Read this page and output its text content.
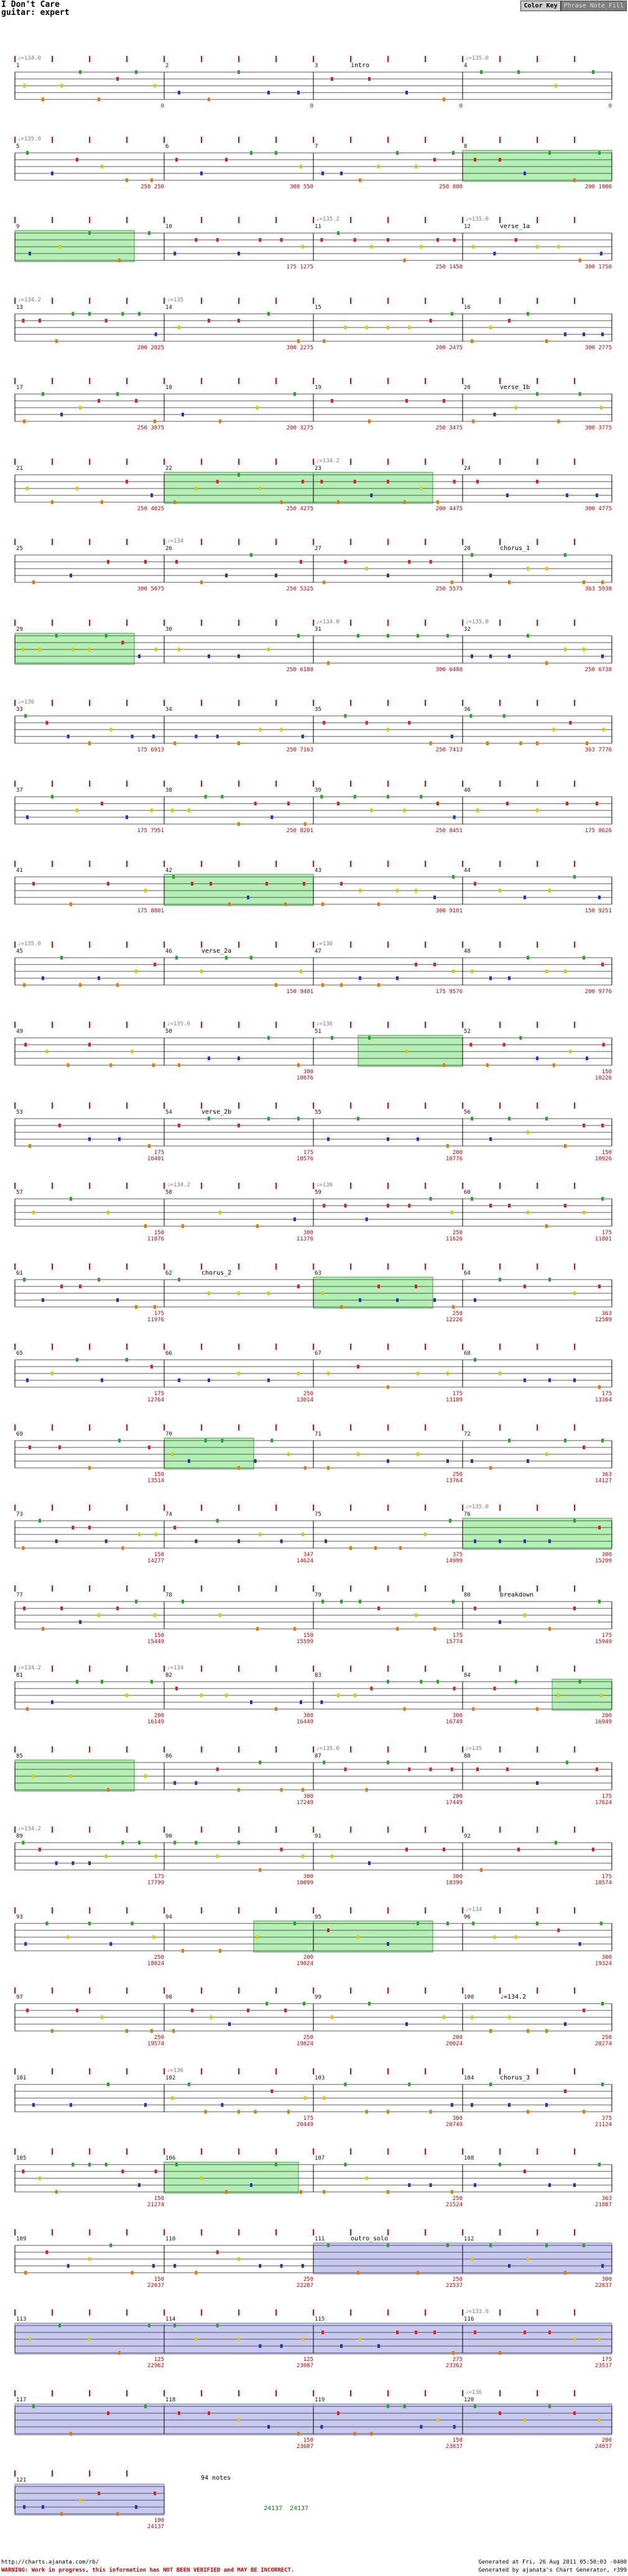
I Don't Care
guitar: expert
Color Key	Phrase Note Fill
1
♩=134.0
0
2
0
3	intro
0
4
♩=135.0
0
5
♩=135.0
250 250
6
300 550
7
250 800
8
200 1000
9	10
175 1275
11
♩=135.2
250 1450
12
♩=135.0
verse_1a
300 1750
13
♩=134.2
200 2025
14
♩=135
300 2275
15
200 2475
16
300 2775
17
250 3075
18
200 3275
19
250 3475
20	verse_1b
300 3775
21
250 4025
22
250 4275
23
♩=134.2
200 4475
24
300 4775
25
300 5075
26
♩=134
250 5325
27
250 5575
28	chorus_1
363 5938
29	30
250 6188
31
♩=134.0
300 6488
32
♩=135.0
250 6738
33
♩=136
175 6913
34
250 7163
35
250 7413
36
363 7776
37
175 7951
38
250 8201
39
250 8451
40
175 8626
41
175 8801
42	43
300 9101
44
150 9251
45
♩=135.0
46	verse_2a
150 9401
47
♩=136
175 9576
48
200 9776
49	50
♩=135.0
300 10076
51
♩=136
52
150 10226
53
175 10401
54	verse_2b
175 10576
55
200 10776
56
150 10926
57
150 11076
58
♩=134.2
300 11376
59
♩=136
250 11626
60
175 11801
61
175 11976
62	chorus_2	63
250 12226
64
363 12589
65
175 12764
66
250 13014
67
175 13189
68
175 13364
69
150 13514
70	71
250 13764
72
363 14127
73
150 14277
74
347 14624
75
375 14999
76
♩=135.0
300 15299
77
150 15449
78
150 15599
79
175 15774
80	breakdown
175 15949
81
♩=134.2
200 16149
82
♩=134
300 16449
83
300 16749
84
200 16949
85	86
300 17249
87
♩=135.0
200 17449
88
♩=135
175 17624
89
♩=134.2
175 17799
90
300 18099
91
300 18399
92
175 18574
93
250 18824
94
200 19024
95	96
♩=134
300 19324
97
250 19574
98
250 19824
99
200 20024
100	♩=134.2
250 20274
101	102
♩=136
175 20449
103
300 20749
104	chorus_3
375 21124
105
150 21274
106	107
250 21524
108
363 21887
109
150 22037
110
250 22287
111	outro_solo
250 22537
112
300 22837
113
125 22962
114
125 23087
115
275 23362
116
♩=133.0
175 23537
117	118
150 23687
119
150 23837
120
♩=136
200 24037
121
100 24137
94 notes
24137 24137
http://charts.ajanata.com/rb/
WARNING: Work in progress, this information has NOT BEEN VERIFIED and MAY BE INCORRECT.
Generated at Fri, 26 Aug 2011 05:50:03 -0400
Generated by ajanata's Chart Generator, r399
